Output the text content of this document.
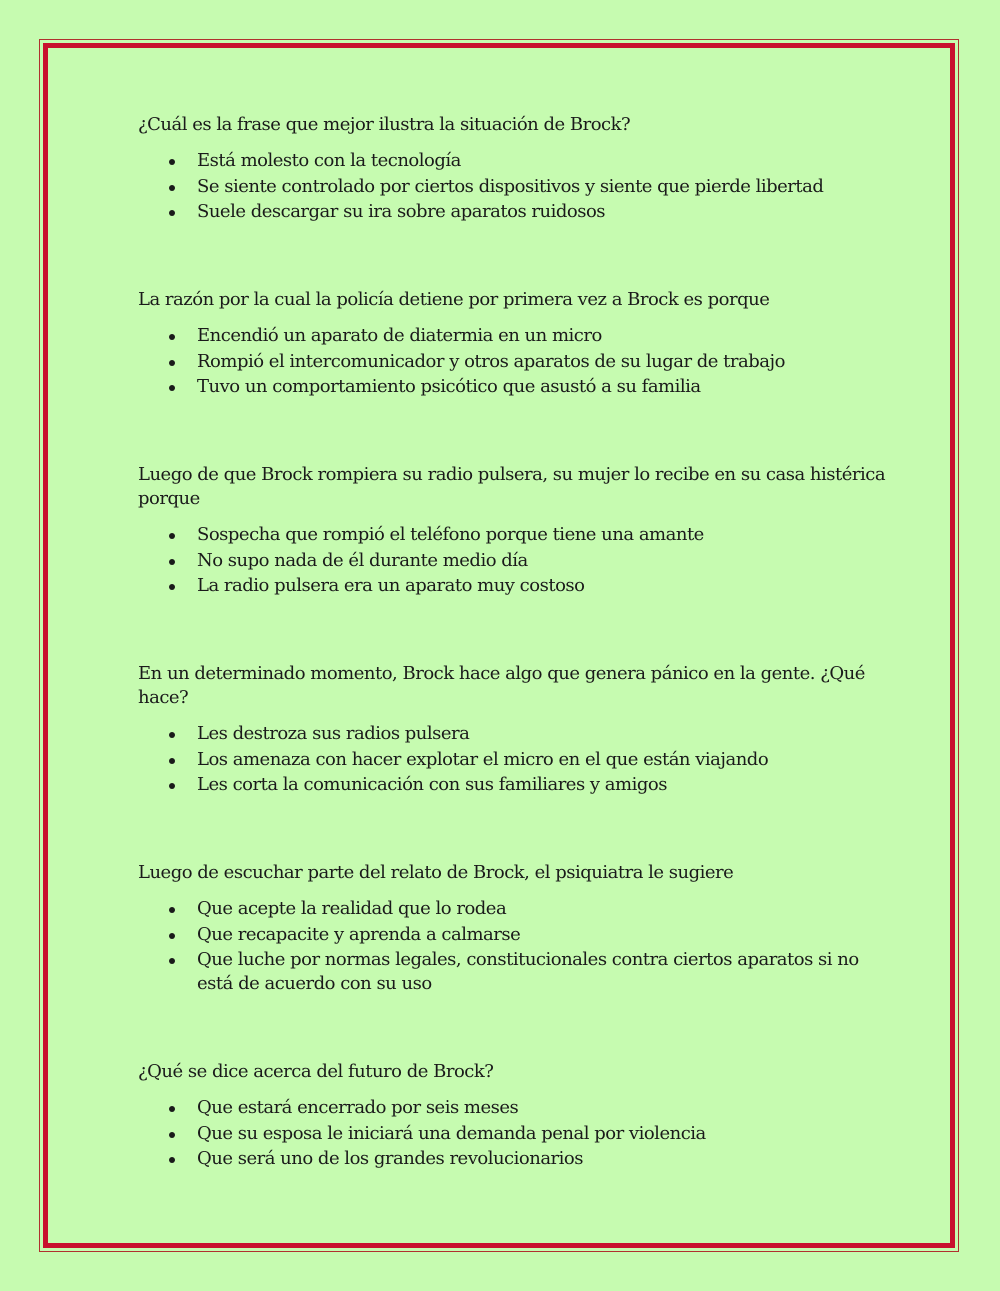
¿Cuál es la frase que mejor ilustra la situación de Brock?

Está molesto con la tecnología
Se siente controlado por ciertos dispositivos y siente que pierde libertad
Suele descargar su ira sobre aparatos ruidosos

La razón por la cual la policía detiene por primera vez a Brock es porque

Encendió un aparato de diatermia en un micro
Rompió el intercomunicador y otros aparatos de su lugar de trabajo
Tuvo un comportamiento psicótico que asustó a su familia

Luego de que Brock rompiera su radio pulsera, su mujer lo recibe en su casa histérica porque

Sospecha que rompió el teléfono porque tiene una amante
No supo nada de él durante medio día
La radio pulsera era un aparato muy costoso

En un determinado momento, Brock hace algo que genera pánico en la gente. ¿Qué hace?

Les destroza sus radios pulsera
Los amenaza con hacer explotar el micro en el que están viajando
Les corta la comunicación con sus familiares y amigos

Luego de escuchar parte del relato de Brock, el psiquiatra le sugiere

Que acepte la realidad que lo rodea
Que recapacite y aprenda a calmarse
Que luche por normas legales, constitucionales contra ciertos aparatos si no está de acuerdo con su uso

¿Qué se dice acerca del futuro de Brock?

Que estará encerrado por seis meses
Que su esposa le iniciará una demanda penal por violencia
Que será uno de los grandes revolucionarios
